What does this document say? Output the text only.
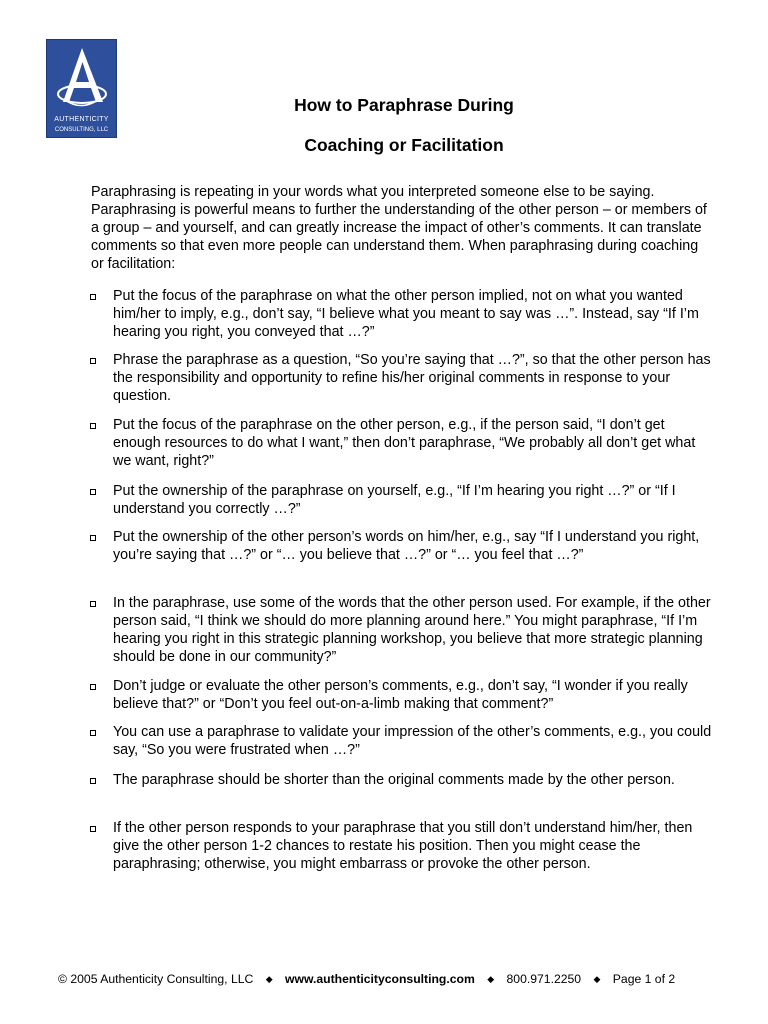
AUTHENTICITY
CONSULTING, LLC
How to Paraphrase During
Coaching or Facilitation
Paraphrasing is repeating in your words what you interpreted someone else to be saying. Paraphrasing is powerful means to further the understanding of the other person – or members of a group – and yourself, and can greatly increase the impact of other’s comments. It can translate comments so that even more people can understand them. When paraphrasing during coaching or facilitation:
Put the focus of the paraphrase on what the other person implied, not on what you wanted him/her to imply, e.g., don’t say, “I believe what you meant to say was …”. Instead, say “If I’m hearing you right, you conveyed that …?”
Phrase the paraphrase as a question, “So you’re saying that …?”, so that the other person has the responsibility and opportunity to refine his/her original comments in response to your question.
Put the focus of the paraphrase on the other person, e.g., if the person said, “I don’t get enough resources to do what I want,” then don’t paraphrase, “We probably all don’t get what we want, right?”
Put the ownership of the paraphrase on yourself, e.g., “If I’m hearing you right …?” or “If I understand you correctly …?”
Put the ownership of the other person’s words on him/her, e.g., say “If I understand you right, you’re saying that …?” or “… you believe that …?” or “… you feel that …?”
In the paraphrase, use some of the words that the other person used. For example, if the other person said, “I think we should do more planning around here.” You might paraphrase, “If I’m hearing you right in this strategic planning workshop, you believe that more strategic planning should be done in our community?”
Don’t judge or evaluate the other person’s comments, e.g., don’t say, “I wonder if you really believe that?” or “Don’t you feel out-on-a-limb making that comment?”
You can use a paraphrase to validate your impression of the other’s comments, e.g., you could say, “So you were frustrated when …?”
The paraphrase should be shorter than the original comments made by the other person.
If the other person responds to your paraphrase that you still don’t understand him/her, then give the other person 1-2 chances to restate his position. Then you might cease the paraphrasing; otherwise, you might embarrass or provoke the other person.
© 2005 Authenticity Consulting, LLC ◆ www.authenticityconsulting.com ◆ 800.971.2250 ◆ Page 1 of 2
